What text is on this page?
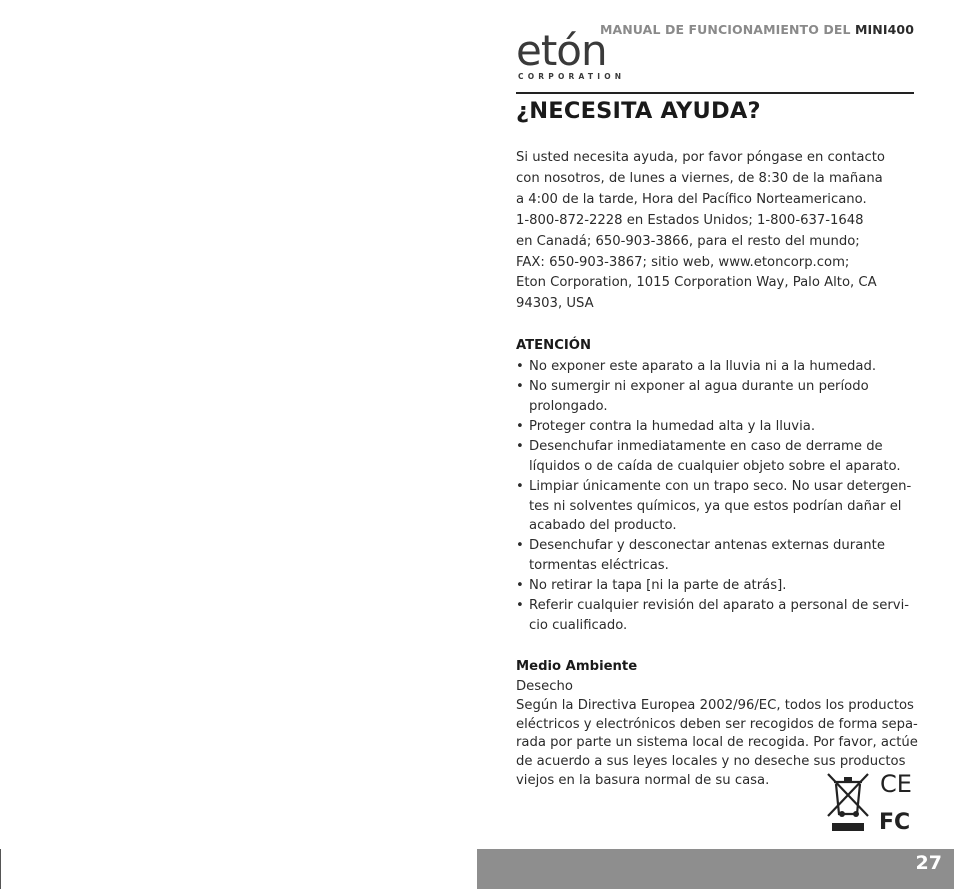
etón
CORPORATION
MANUAL DE FUNCIONAMIENTO DEL MINI400
¿NECESITA AYUDA?

Si usted necesita ayuda, por favor póngase en contacto

con nosotros, de lunes a viernes, de 8:30 de la mañana

a 4:00 de la tarde, Hora del Pacífico Norteamericano.

1-800-872-2228 en Estados Unidos; 1-800-637-1648

en Canadá; 650-903-3866, para el resto del mundo;

FAX: 650-903-3867; sitio web, www.etoncorp.com;

Eton Corporation, 1015 Corporation Way, Palo Alto, CA

94303, USA

ATENCIÓN

• No exponer este aparato a la lluvia ni a la humedad.
• No sumergir ni exponer al agua durante un período
prolongado.
• Proteger contra la humedad alta y la lluvia.
• Desenchufar inmediatamente en caso de derrame de
líquidos o de caída de cualquier objeto sobre el aparato.
• Limpiar únicamente con un trapo seco. No usar detergen-
tes ni solventes químicos, ya que estos podrían dañar el
acabado del producto.
• Desenchufar y desconectar antenas externas durante
tormentas eléctricas.
• No retirar la tapa [ni la parte de atrás].
• Referir cualquier revisión del aparato a personal de servi-
cio cualificado.

Medio Ambiente

Desecho
Según la Directiva Europea 2002/96/EC, todos los productos
eléctricos y electrónicos deben ser recogidos de forma sepa-
rada por parte un sistema local de recogida. Por favor, actúe
de acuerdo a sus leyes locales y no deseche sus productos
viejos en la basura normal de su casa.	CE
FC
27
